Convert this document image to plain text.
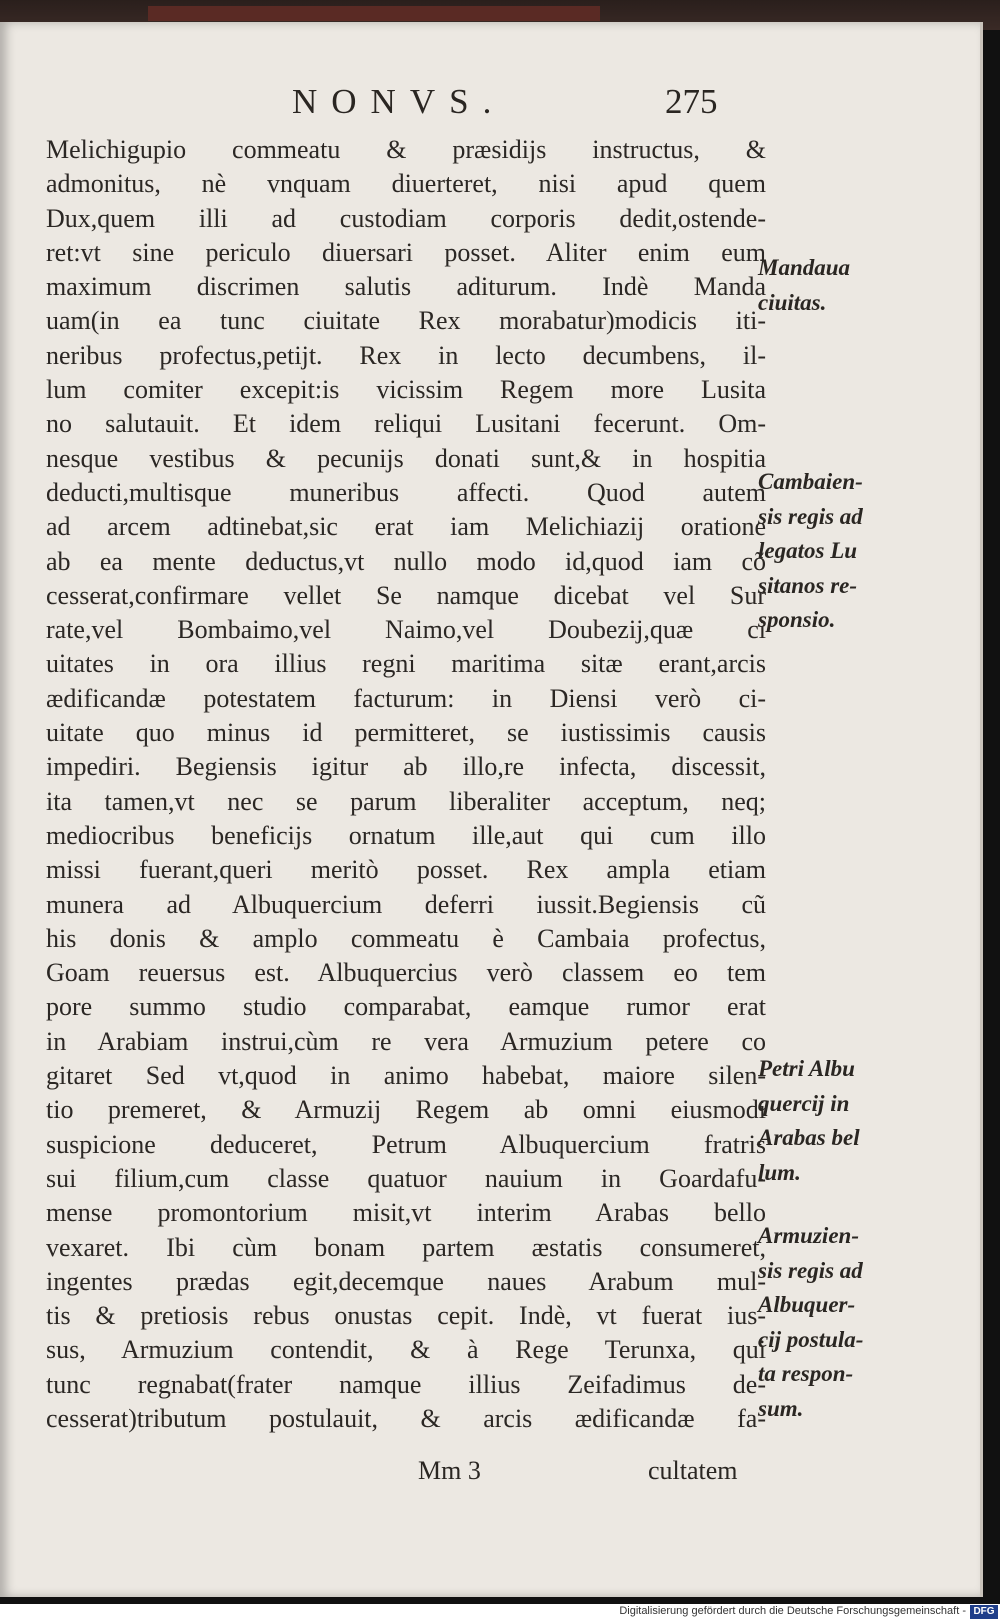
NONVS.	275
Melichigupio commeatu & præsidijs instructus, &
admonitus, nè vnquam diuerteret, nisi apud quem
Dux,quem illi ad custodiam corporis dedit,ostende-
ret:vt sine periculo diuersari posset. Aliter enim eum
maximum discrimen salutis aditurum. Indè Manda
uam(in ea tunc ciuitate Rex morabatur)modicis iti-
neribus profectus,petijt. Rex in lecto decumbens, il-
lum comiter excepit:is vicissim Regem more Lusita
no salutauit. Et idem reliqui Lusitani fecerunt. Om-
nesque vestibus & pecunijs donati sunt,& in hospitia
deducti,multisque muneribus affecti. Quod autem
ad arcem adtinebat,sic erat iam Melichiazij oratione
ab ea mente deductus,vt nullo modo id,quod iam cõ
cesserat,confirmare vellet Se namque dicebat vel Sur
rate,vel Bombaimo,vel Naimo,vel Doubezij,quæ ci
uitates in ora illius regni maritima sitæ erant,arcis
ædificandæ potestatem facturum: in Diensi verò ci-
uitate quo minus id permitteret, se iustissimis causis
impediri. Begiensis igitur ab illo,re infecta, discessit,
ita tamen,vt nec se parum liberaliter acceptum, neq;
mediocribus beneficijs ornatum ille,aut qui cum illo
missi fuerant,queri meritò posset. Rex ampla etiam
munera ad Albuquercium deferri iussit.Begiensis cũ
his donis & amplo commeatu è Cambaia profectus,
Goam reuersus est. Albuquercius verò classem eo tem
pore summo studio comparabat, eamque rumor erat
in Arabiam instrui,cùm re vera Armuzium petere co
gitaret Sed vt,quod in animo habebat, maiore silen-
tio premeret, & Armuzij Regem ab omni eiusmodi
suspicione deduceret, Petrum Albuquercium fratris
sui filium,cum classe quatuor nauium in Goardafu-
mense promontorium misit,vt interim Arabas bello
vexaret. Ibi cùm bonam partem æstatis consumeret,
ingentes prædas egit,decemque naues Arabum mul-
tis & pretiosis rebus onustas cepit. Indè, vt fuerat ius-
sus, Armuzium contendit, & à Rege Terunxa, qui
tunc regnabat(frater namque illius Zeifadimus de-
cesserat)tributum postulauit, & arcis ædificandæ fa-
Mandaua
ciuitas.
Cambaien-
sis regis ad
legatos Lu
sitanos re-
sponsio.
Petri Albu
quercij in
Arabas bel
lum.
Armuzien-
sis regis ad
Albuquer-
cij postula-
ta respon-
sum.
Mm 3	cultatem
Digitalisierung gefördert durch die Deutsche Forschungsgemeinschaft - DFG
